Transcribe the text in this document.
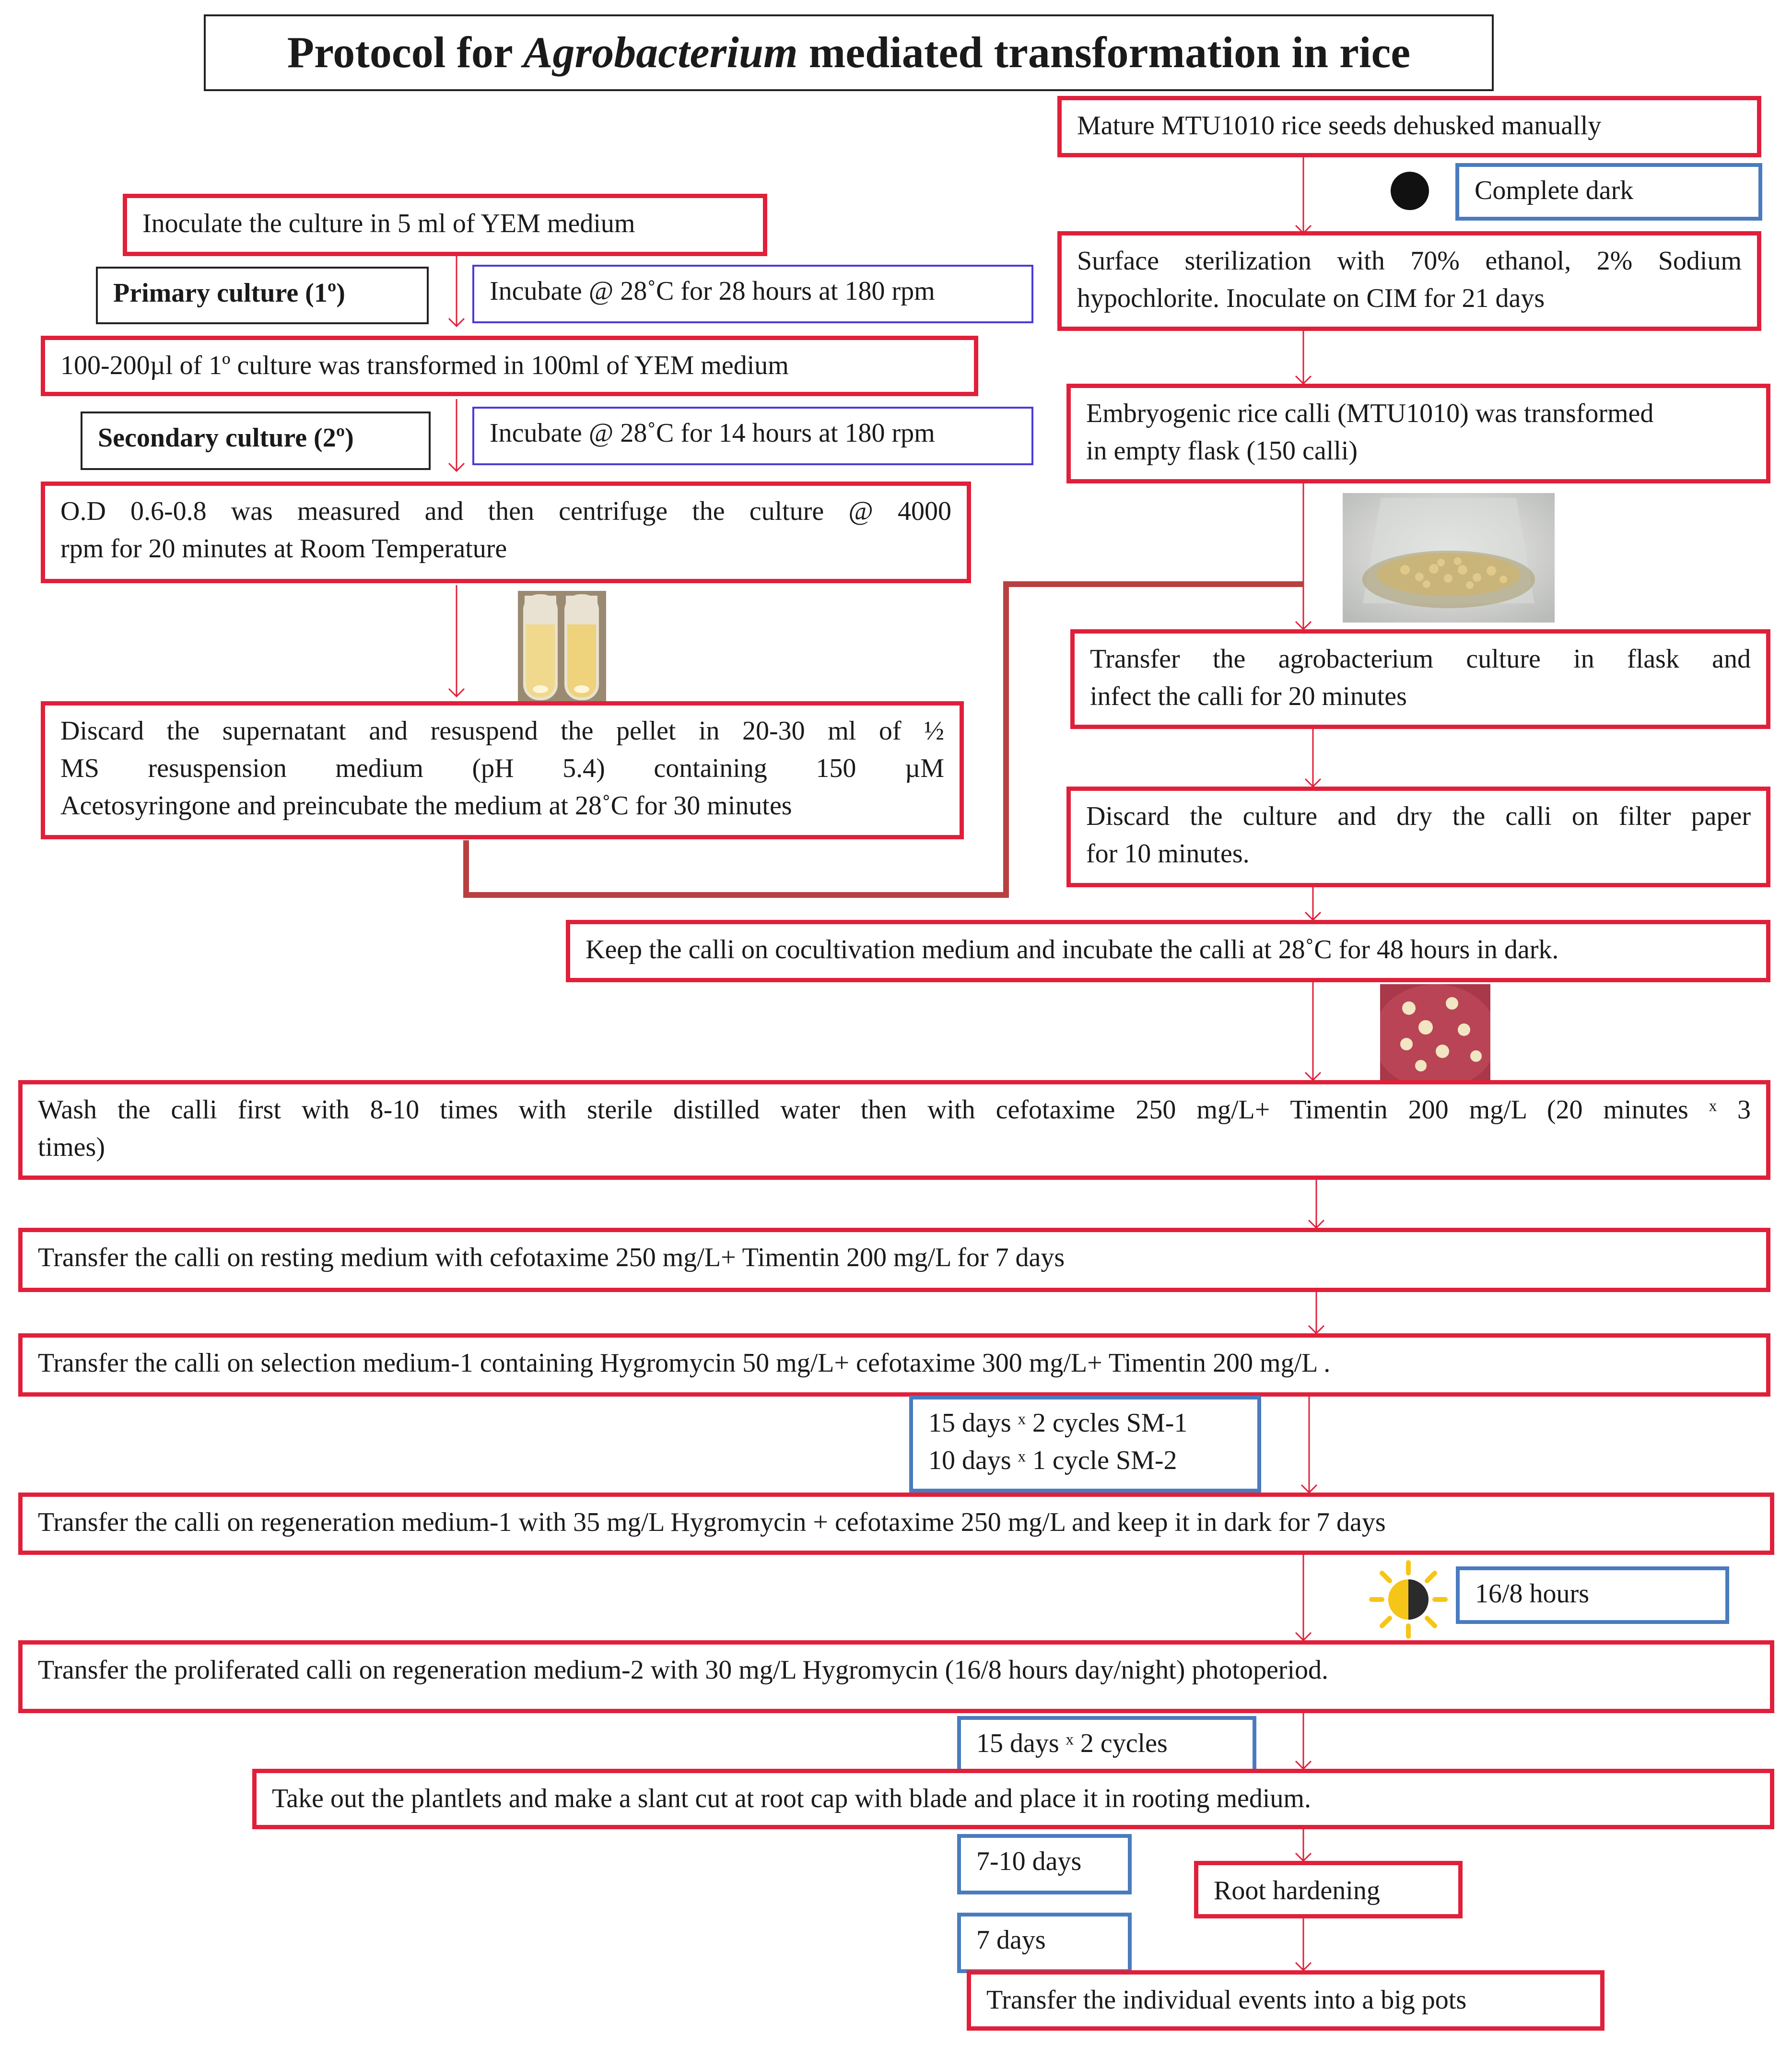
Protocol for Agrobacterium mediated transformation in rice
Inoculate the culture in 5 ml of YEM medium
Primary culture (1º)	Incubate @ 28˚C for 28 hours at 180 rpm
100-200µl of 1º culture was transformed in 100ml of YEM medium
Secondary culture (2º)	Incubate @ 28˚C for 14 hours at 180 rpm
O.D 0.6-0.8 was measured and then centrifuge the culture @ 4000
rpm for 20 minutes at Room Temperature
Discard the supernatant and resuspend the pellet in 20-30 ml of ½
MS resuspension medium (pH 5.4) containing 150 µM
Acetosyringone and preincubate the medium at 28˚C for 30 minutes
Mature MTU1010 rice seeds dehusked manually
Complete dark
Surface sterilization with 70% ethanol, 2% Sodium
hypochlorite. Inoculate on CIM for 21 days
Embryogenic rice calli (MTU1010) was transformed
in empty flask (150 calli)
Transfer the agrobacterium culture in flask and
infect the calli for 20 minutes
Discard the culture and dry the calli on filter paper
for 10 minutes.
Keep the calli on cocultivation medium and incubate the calli at 28˚C for 48 hours in dark.
Wash the calli first with 8-10 times with sterile distilled water then with cefotaxime 250 mg/L+ Timentin 200 mg/L (20 minutes ˣ 3
times)
Transfer the calli on resting medium with cefotaxime 250 mg/L+ Timentin 200 mg/L for 7 days
Transfer the calli on selection medium-1 containing Hygromycin 50 mg/L+ cefotaxime 300 mg/L+ Timentin 200 mg/L .
15 days ˣ 2 cycles SM-1
10 days ˣ 1 cycle SM-2
Transfer the calli on regeneration medium-1 with 35 mg/L Hygromycin + cefotaxime 250 mg/L and keep it in dark for 7 days
16/8 hours
Transfer the proliferated calli on regeneration medium-2 with 30 mg/L Hygromycin (16/8 hours day/night) photoperiod.
15 days ˣ 2 cycles
Take out the plantlets and make a slant cut at root cap with blade and place it in rooting medium.
7-10 days
Root hardening
7 days
Transfer the individual events into a big pots
